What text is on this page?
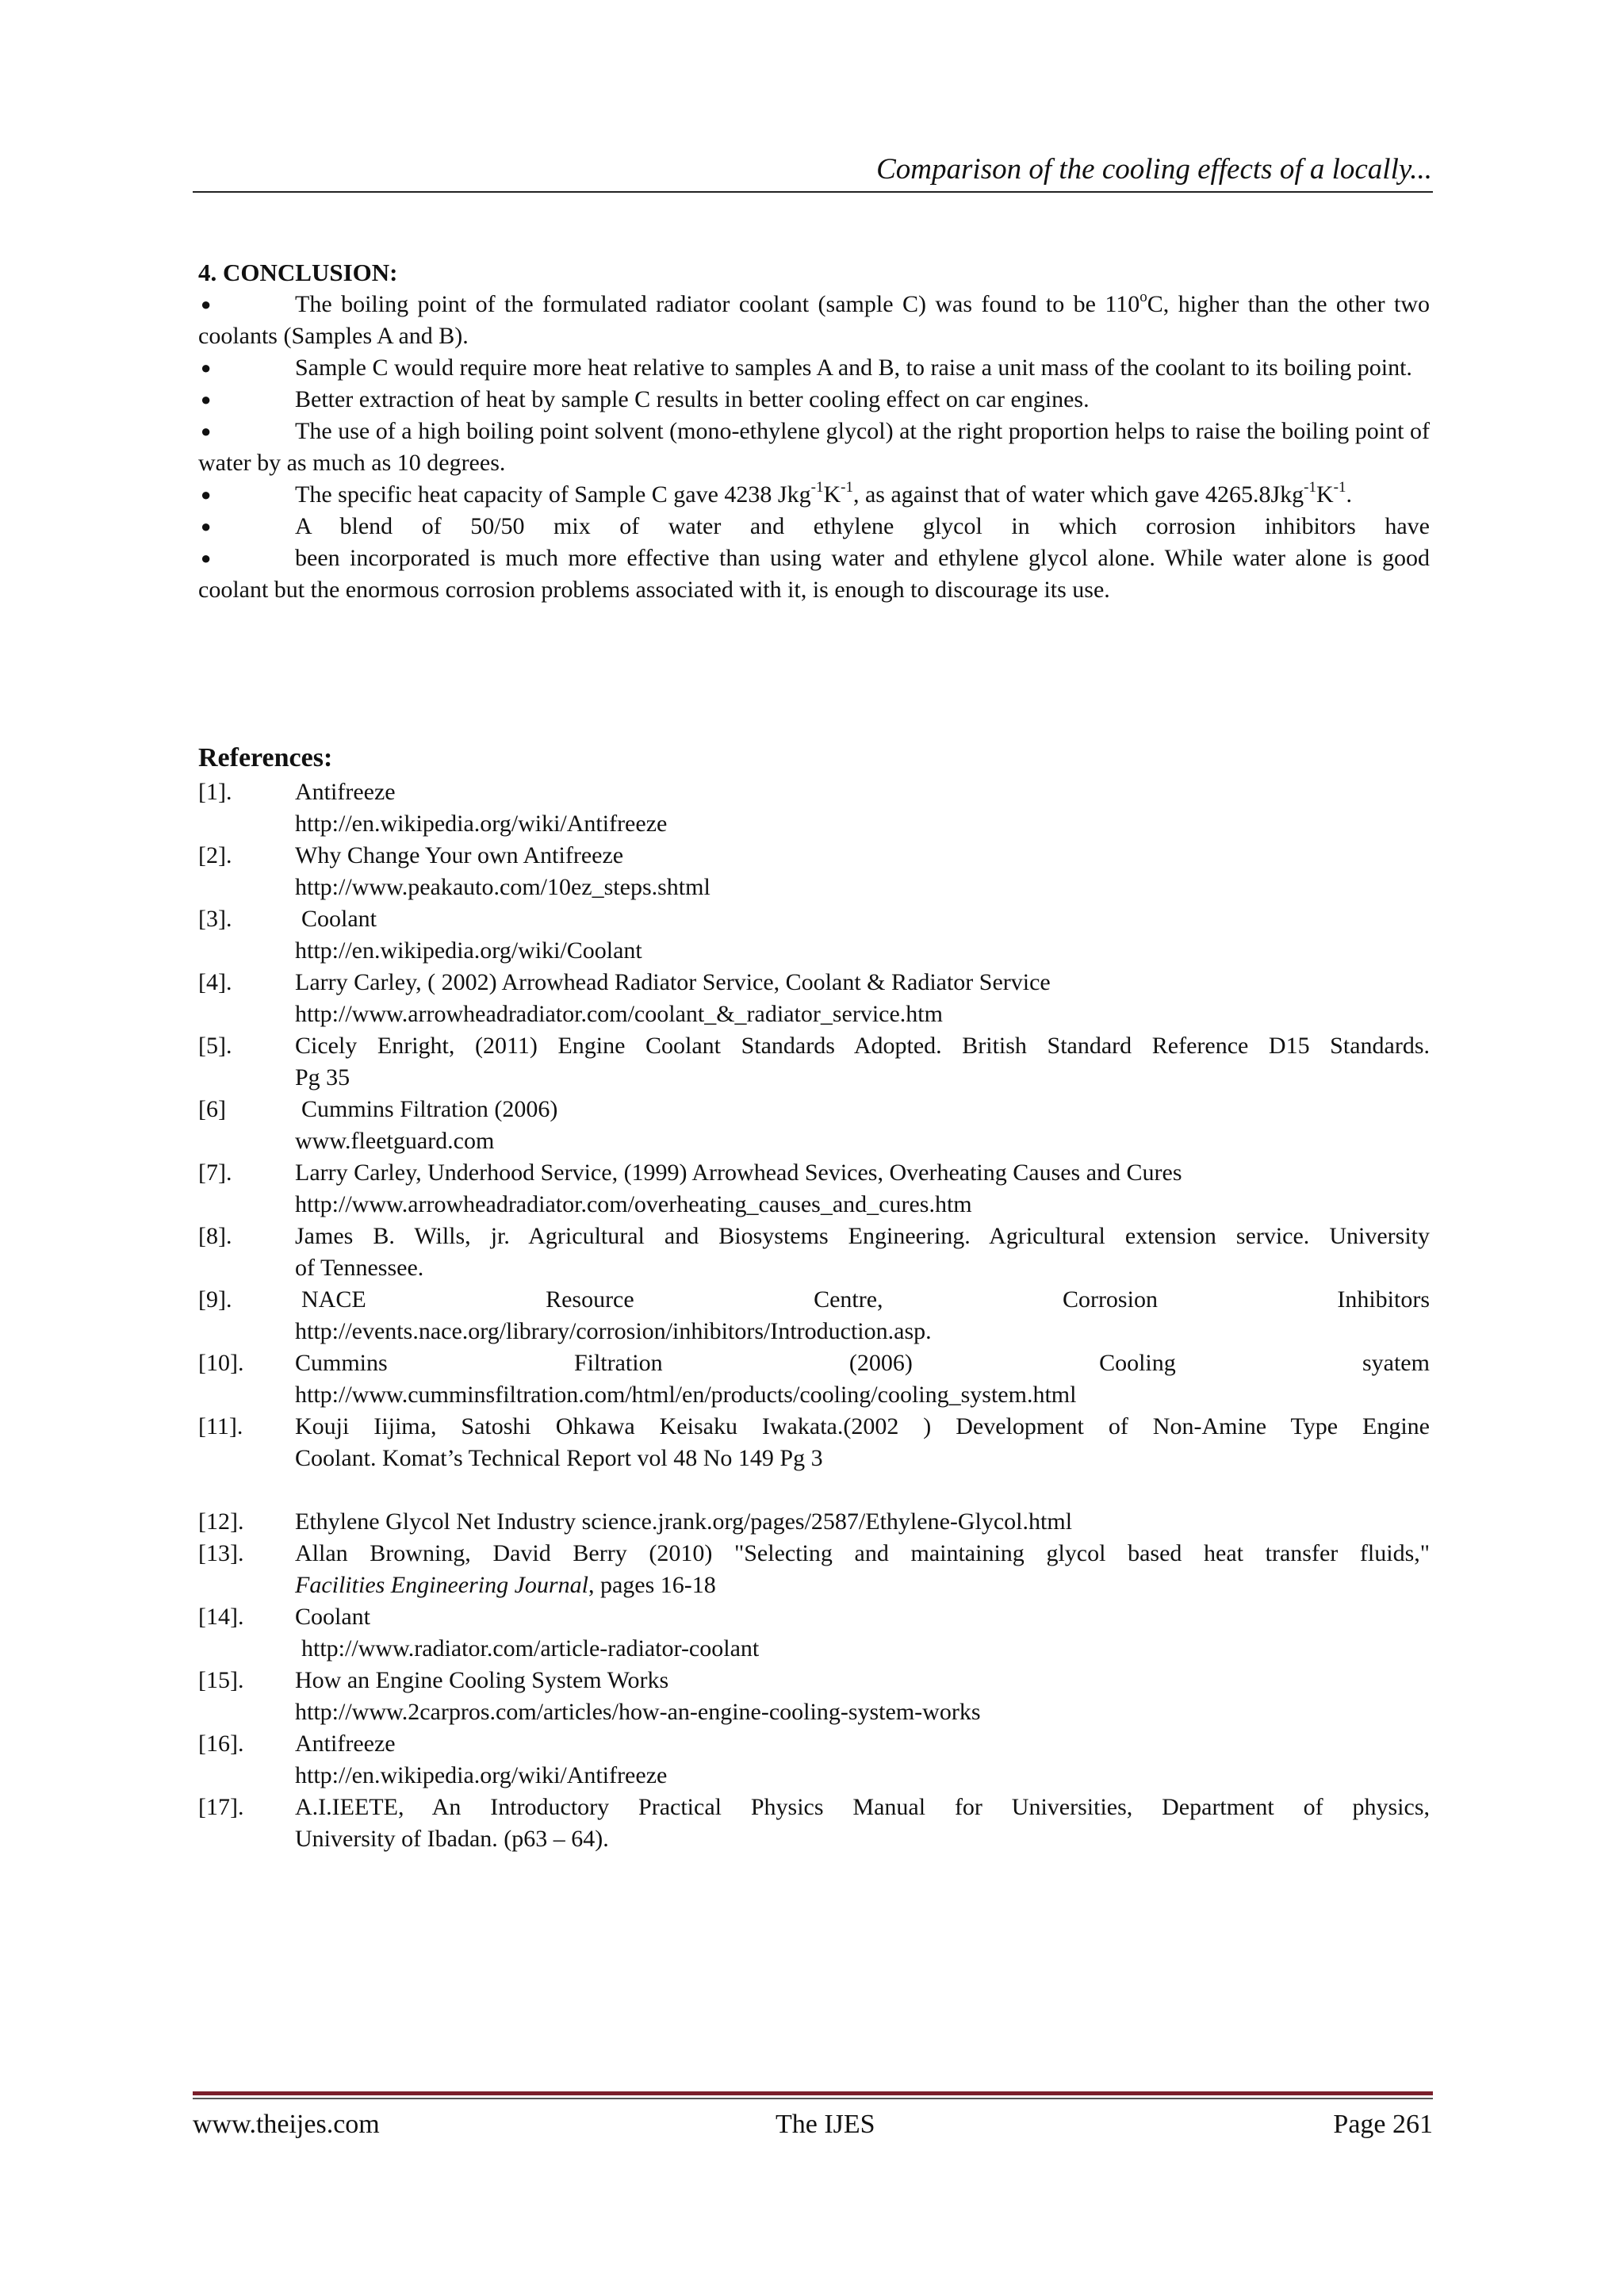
Comparison of the cooling effects of a locally...

4. CONCLUSION:

●	The boiling point of the formulated radiator coolant (sample C) was found to be 110$^o$C, higher than the other two coolants (Samples A and B).

●	Sample C would require more heat relative to samples A and B, to raise a unit mass of the coolant to its boiling point.

●	Better extraction of heat by sample C results in better cooling effect on car engines.

●	The use of a high boiling point solvent (mono-ethylene glycol) at the right proportion helps to raise the boiling point of water by as much as 10 degrees.

●	The specific heat capacity of Sample C gave 4238 $Jkg^{-1}K^{-1}$, as against that of water which gave $4265.8Jkg^{-1}K^{-1}$.

●	A blend of 50/50 mix of water and ethylene glycol in which corrosion inhibitors have

●	been incorporated is much more effective than using water and ethylene glycol alone. While water alone is good coolant but the enormous corrosion problems associated with it, is enough to discourage its use.

References:

[1].	Antifreeze
http://en.wikipedia.org/wiki/Antifreeze
[2].	Why Change Your own Antifreeze
http://www.peakauto.com/10ez_steps.shtml
[3].	Coolant
http://en.wikipedia.org/wiki/Coolant
[4].	Larry Carley, ( 2002) Arrowhead Radiator Service, Coolant & Radiator Service
http://www.arrowheadradiator.com/coolant_&_radiator_service.htm
[5].	Cicely Enright, (2011) Engine Coolant Standards Adopted. British Standard Reference D15 Standards.
Pg 35
[6]	Cummins Filtration (2006)
www.fleetguard.com
[7].	Larry Carley, Underhood Service, (1999) Arrowhead Sevices, Overheating Causes and Cures
http://www.arrowheadradiator.com/overheating_causes_and_cures.htm
[8].	James B. Wills, jr. Agricultural and Biosystems Engineering. Agricultural extension service. University
of Tennessee.
[9].	NACE	Resource	Centre,	Corrosion	Inhibitors
http://events.nace.org/library/corrosion/inhibitors/Introduction.asp.
[10]. Cummins	Filtration	(2006)	Cooling	syatem
http://www.cumminsfiltration.com/html/en/products/cooling/cooling_system.html
[11]. Kouji Iijima, Satoshi Ohkawa Keisaku Iwakata.(2002 ) Development of Non-Amine Type Engine
Coolant. Komat’s Technical Report vol 48 No 149 Pg 3
[12]. Ethylene Glycol Net Industry science.jrank.org/pages/2587/Ethylene-Glycol.html
[13]. Allan Browning, David Berry (2010) "Selecting and maintaining glycol based heat transfer fluids,"
Facilities Engineering Journal, pages 16-18
[14]. Coolant
http://www.radiator.com/article-radiator-coolant
[15]. How an Engine Cooling System Works
http://www.2carpros.com/articles/how-an-engine-cooling-system-works
[16]. Antifreeze
http://en.wikipedia.org/wiki/Antifreeze
[17]. A.I.IEETE, An Introductory Practical Physics Manual for Universities, Department of physics,
University of Ibadan. (p63 – 64).
www.theijes.com	The IJES	Page 261
